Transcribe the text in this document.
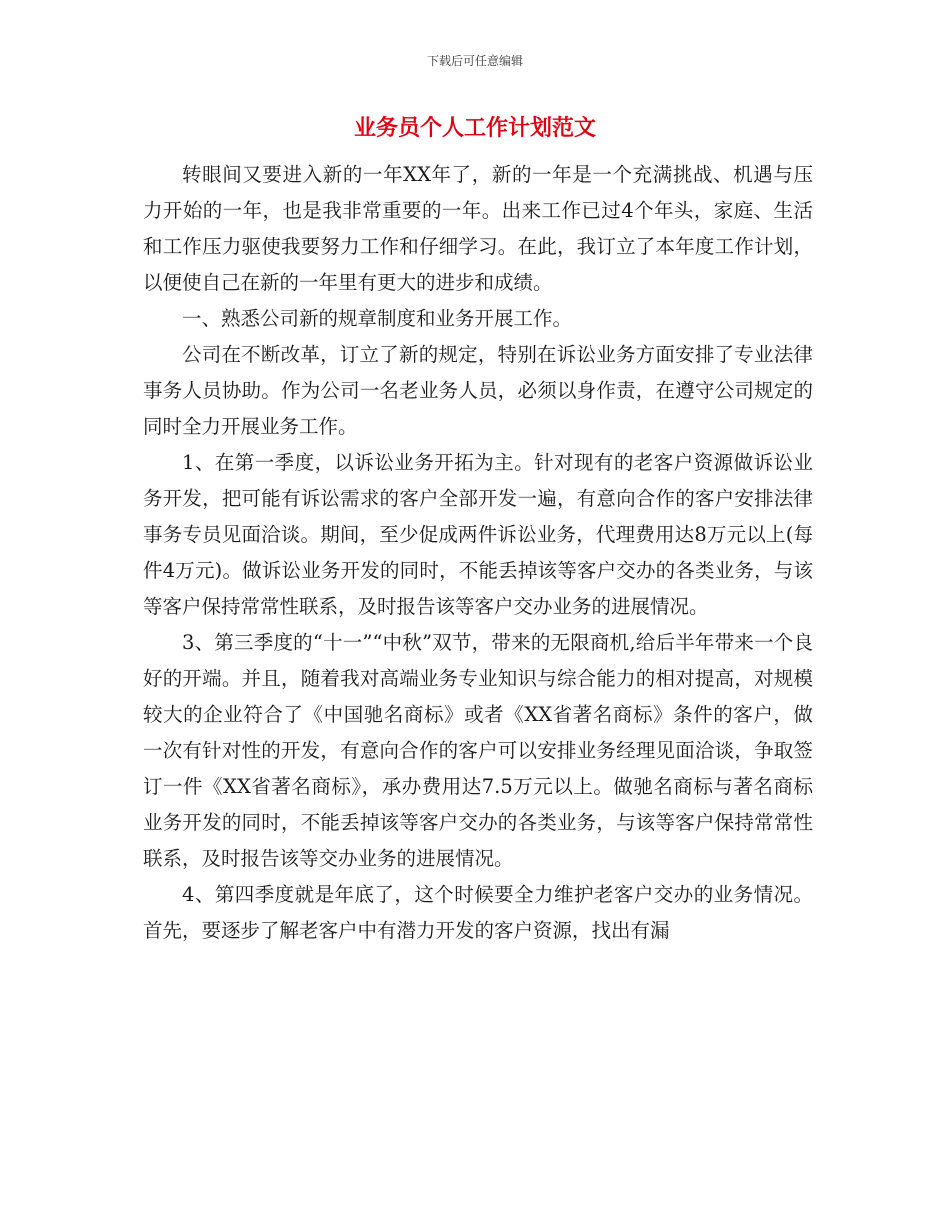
下载后可任意编辑
业务员个人工作计划范文

转眼间又要进入新的一年XX年了，新的一年是一个充满挑战、机遇与压力开始的一年，也是我非常重要的一年。出来工作已过4个年头，家庭、生活和工作压力驱使我要努力工作和仔细学习。在此，我订立了本年度工作计划，以便使自己在新的一年里有更大的进步和成绩。

一、熟悉公司新的规章制度和业务开展工作。

公司在不断改革，订立了新的规定，特别在诉讼业务方面安排了专业法律事务人员协助。作为公司一名老业务人员，必须以身作责，在遵守公司规定的同时全力开展业务工作。

1、在第一季度，以诉讼业务开拓为主。针对现有的老客户资源做诉讼业务开发，把可能有诉讼需求的客户全部开发一遍，有意向合作的客户安排法律事务专员见面洽谈。期间，至少促成两件诉讼业务，代理费用达8万元以上(每件4万元)。做诉讼业务开发的同时，不能丢掉该等客户交办的各类业务，与该等客户保持常常性联系，及时报告该等客户交办业务的进展情况。

3、第三季度的“十一”“中秋”双节，带来的无限商机,给后半年带来一个良好的开端。并且，随着我对高端业务专业知识与综合能力的相对提高，对规模较大的企业符合了《中国驰名商标》或者《XX省著名商标》条件的客户，做一次有针对性的开发，有意向合作的客户可以安排业务经理见面洽谈，争取签订一件《XX省著名商标》，承办费用达7.5万元以上。做驰名商标与著名商标业务开发的同时，不能丢掉该等客户交办的各类业务，与该等客户保持常常性联系，及时报告该等交办业务的进展情况。

4、第四季度就是年底了，这个时候要全力维护老客户交办的业务情况。首先，要逐步了解老客户中有潜力开发的客户资源，找出有漏
